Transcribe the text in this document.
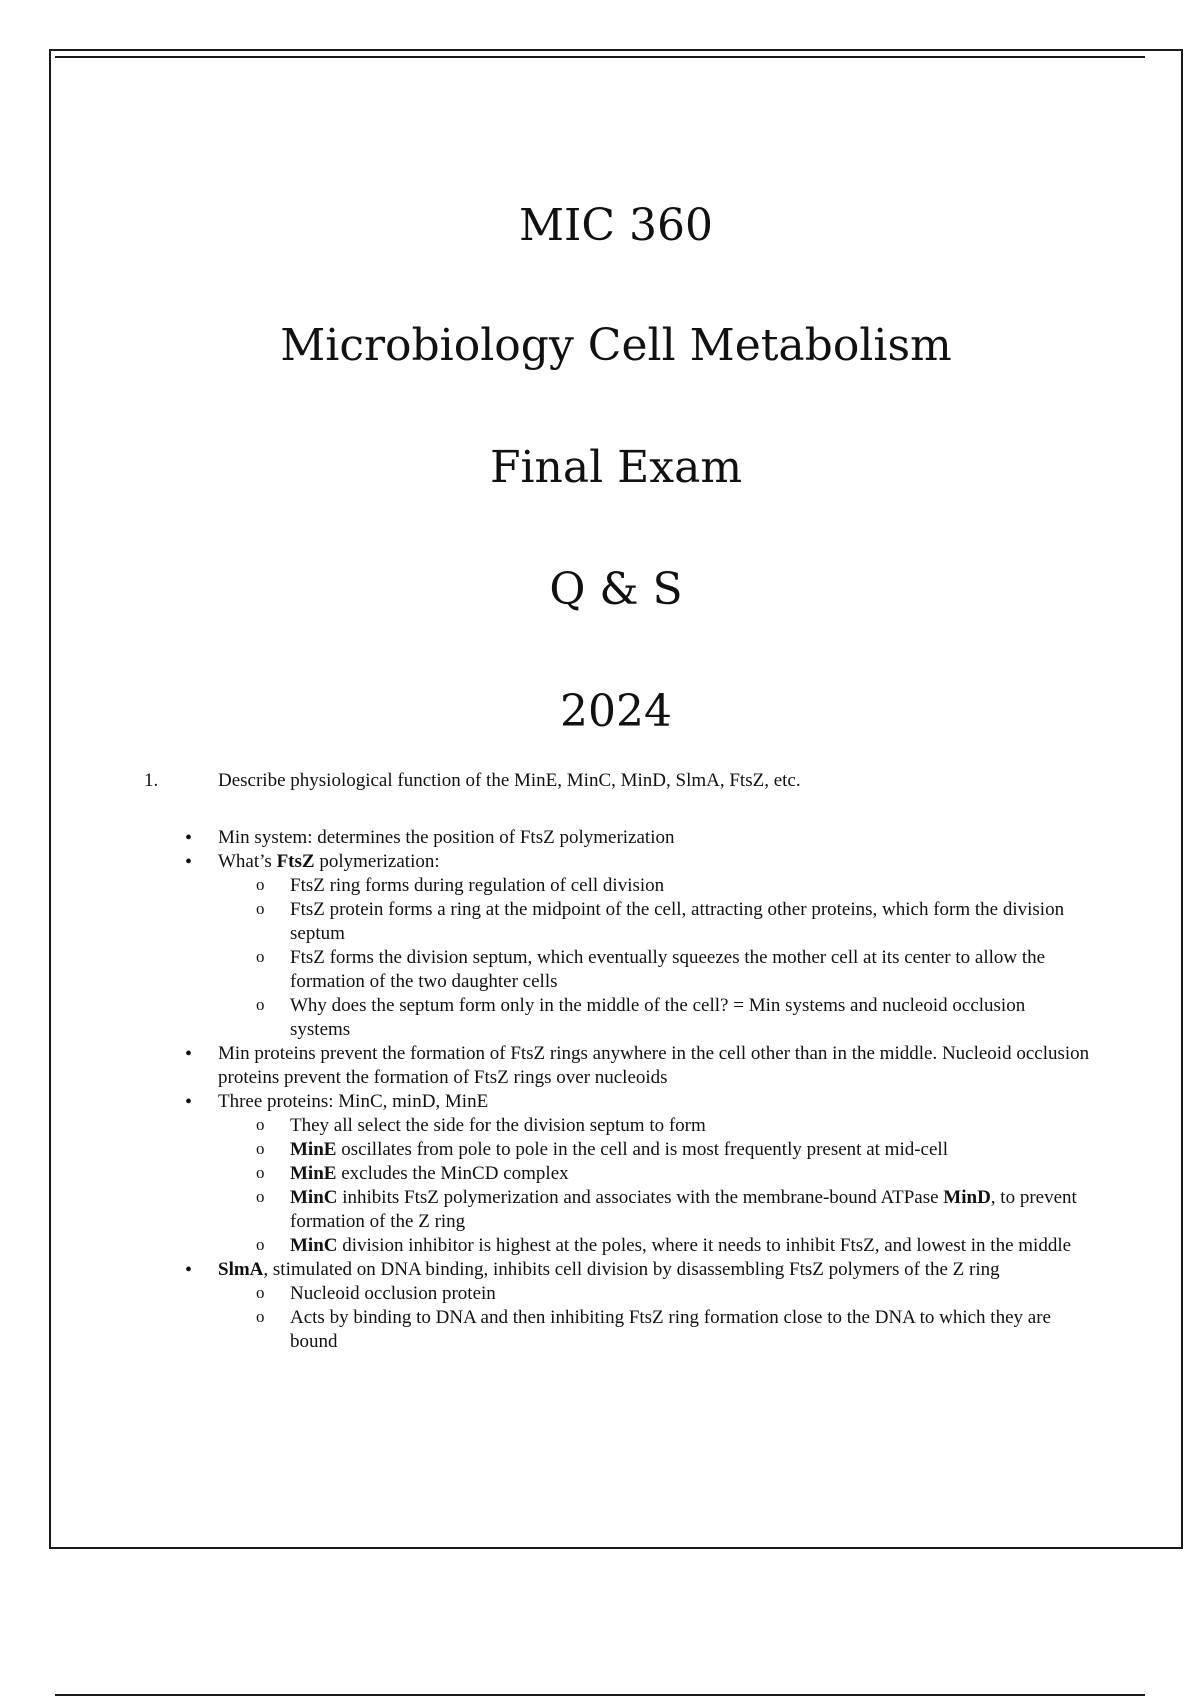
MIC 360
Microbiology Cell Metabolism
Final Exam
Q & S
2024
1.	Describe physiological function of the MinE, MinC, MinD, SlmA, FtsZ, etc.
• Min system: determines the position of FtsZ polymerization
• What’s FtsZ polymerization:
o FtsZ ring forms during regulation of cell division
o FtsZ protein forms a ring at the midpoint of the cell, attracting other proteins, which form the division septum
o FtsZ forms the division septum, which eventually squeezes the mother cell at its center to allow the formation of the two daughter cells
o Why does the septum form only in the middle of the cell? = Min systems and nucleoid occlusion systems
• Min proteins prevent the formation of FtsZ rings anywhere in the cell other than in the middle. Nucleoid occlusion proteins prevent the formation of FtsZ rings over nucleoids
• Three proteins: MinC, minD, MinE
o They all select the side for the division septum to form
o MinE oscillates from pole to pole in the cell and is most frequently present at mid-cell
o MinE excludes the MinCD complex
o MinC inhibits FtsZ polymerization and associates with the membrane-bound ATPase MinD, to prevent formation of the Z ring
o MinC division inhibitor is highest at the poles, where it needs to inhibit FtsZ, and lowest in the middle
• SlmA, stimulated on DNA binding, inhibits cell division by disassembling FtsZ polymers of the Z ring
o Nucleoid occlusion protein
o Acts by binding to DNA and then inhibiting FtsZ ring formation close to the DNA to which they are bound
